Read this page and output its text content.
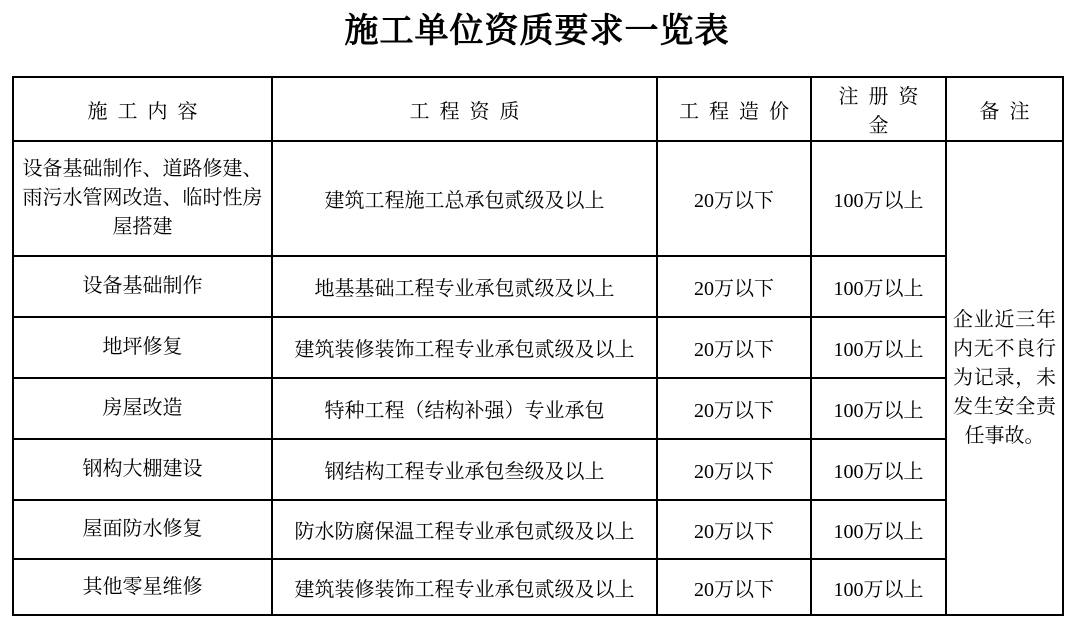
施工单位资质要求一览表
施工内容	工程资质	工程造价	注册资金	备注
设备基础制作、道路修建、雨污水管网改造、临时性房屋搭建	建筑工程施工总承包贰级及以上	20万以下	100万以上	企业近三年内无不良行为记录，未发生安全责任事故。
设备基础制作	地基基础工程专业承包贰级及以上	20万以下	100万以上	
地坪修复	建筑装修装饰工程专业承包贰级及以上	20万以下	100万以上	
房屋改造	特种工程（结构补强）专业承包	20万以下	100万以上	
钢构大棚建设	钢结构工程专业承包叁级及以上	20万以下	100万以上	
屋面防水修复	防水防腐保温工程专业承包贰级及以上	20万以下	100万以上	
其他零星维修	建筑装修装饰工程专业承包贰级及以上	20万以下	100万以上	
